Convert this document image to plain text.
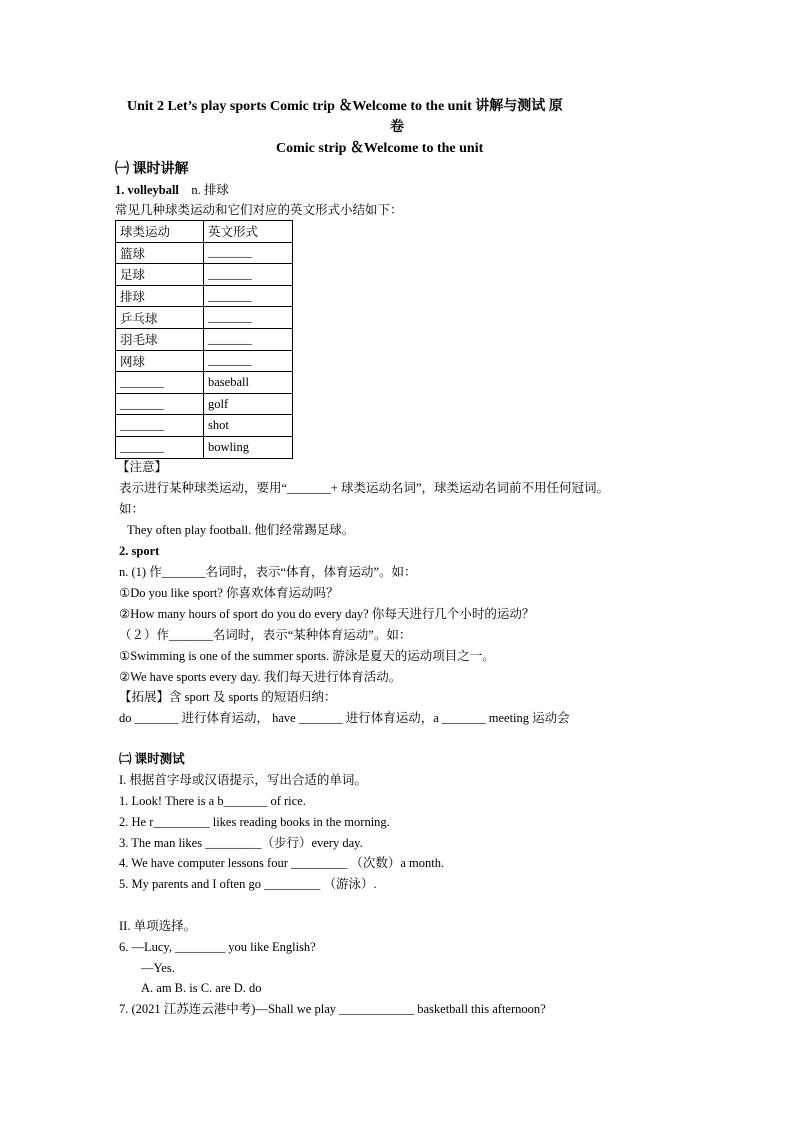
Unit 2 Let’s play sports Comic trip ＆Welcome to the unit 讲解与测试 原
卷
Comic strip ＆Welcome to the unit
㈠ 课时讲解
1. volleyball n. 排球
常见几种球类运动和它们对应的英文形式小结如下：
球类运动	英文形式
篮球	_______
足球	_______
排球	_______
乒乓球	_______
羽毛球	_______
网球	_______
_______	baseball
_______	golf
_______	shot
_______	bowling
【注意】
表示进行某种球类运动，要用“_______+ 球类运动名词”，球类运动名词前不用任何冠词。
如：
They often play football. 他们经常踢足球。
2. sport
n. (1) 作_______名词时，表示“体育，体育运动”。如：
①Do you like sport? 你喜欢体育运动吗？
②How many hours of sport do you do every day? 你每天进行几个小时的运动？
（２）作_______名词时，表示“某种体育运动”。如：
①Swimming is one of the summer sports. 游泳是夏天的运动项目之一。
②We have sports every day. 我们每天进行体育活动。
【拓展】含 sport 及 sports 的短语归纳：
do _______ 进行体育运动， have _______ 进行体育运动，a _______ meeting 运动会
㈡ 课时测试
I. 根据首字母或汉语提示，写出合适的单词。
1. Look! There is a b_______ of rice.
2. He r_________ likes reading books in the morning.
3. The man likes _________（步行）every day.
4. We have computer lessons four _________ （次数）a month.
5. My parents and I often go _________ （游泳）.
II. 单项选择。
6. —Lucy, ________ you like English?
—Yes.
A. am B. is C. are D. do
7. (2021 江苏连云港中考)—Shall we play ____________ basketball this afternoon?
